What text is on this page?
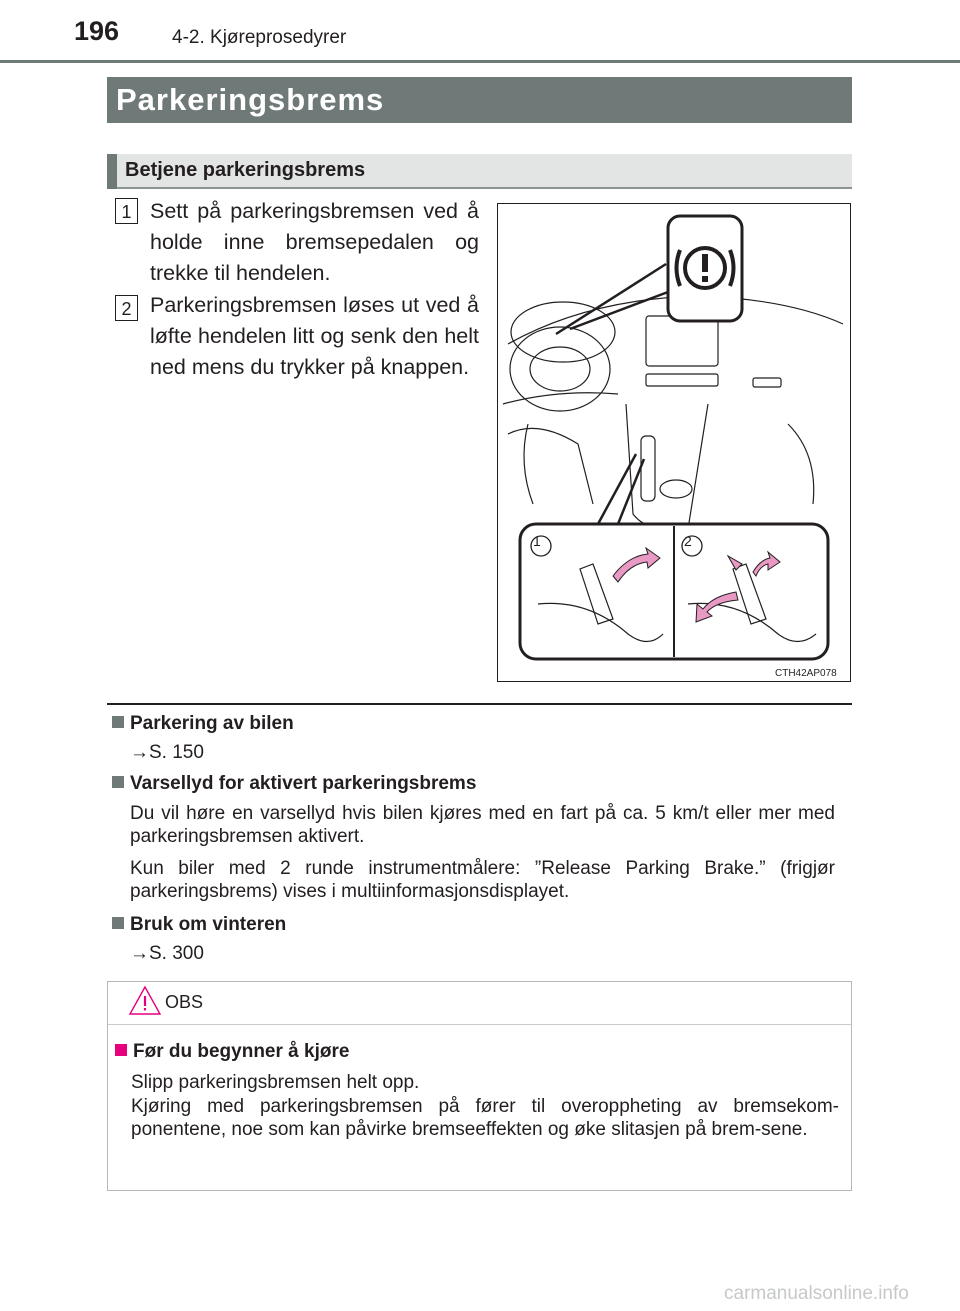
196	4-2. Kjøreprosedyrer
Parkeringsbrems
Betjene parkeringsbrems
1 Sett på parkeringsbremsen ved å holde inne bremsepedalen og trekke til hendelen.
2 Parkeringsbremsen løses ut ved å løfte hendelen litt og senk den helt ned mens du trykker på knappen.
1	2
CTH42AP078
Parkering av bilen
→S. 150
Varsellyd for aktivert parkeringsbrems
Du vil høre en varsellyd hvis bilen kjøres med en fart på ca. 5 km/t eller mer med parkeringsbremsen aktivert.
Kun biler med 2 runde instrumentmålere: ”Release Parking Brake.” (frigjør parkeringsbrems) vises i multiinformasjonsdisplayet.
Bruk om vinteren
→S. 300
OBS
Før du begynner å kjøre
Slipp parkeringsbremsen helt opp.
Kjøring med parkeringsbremsen på fører til overoppheting av bremsekom-ponentene, noe som kan påvirke bremseeffekten og øke slitasjen på brem-sene.
carmanualsonline.info
